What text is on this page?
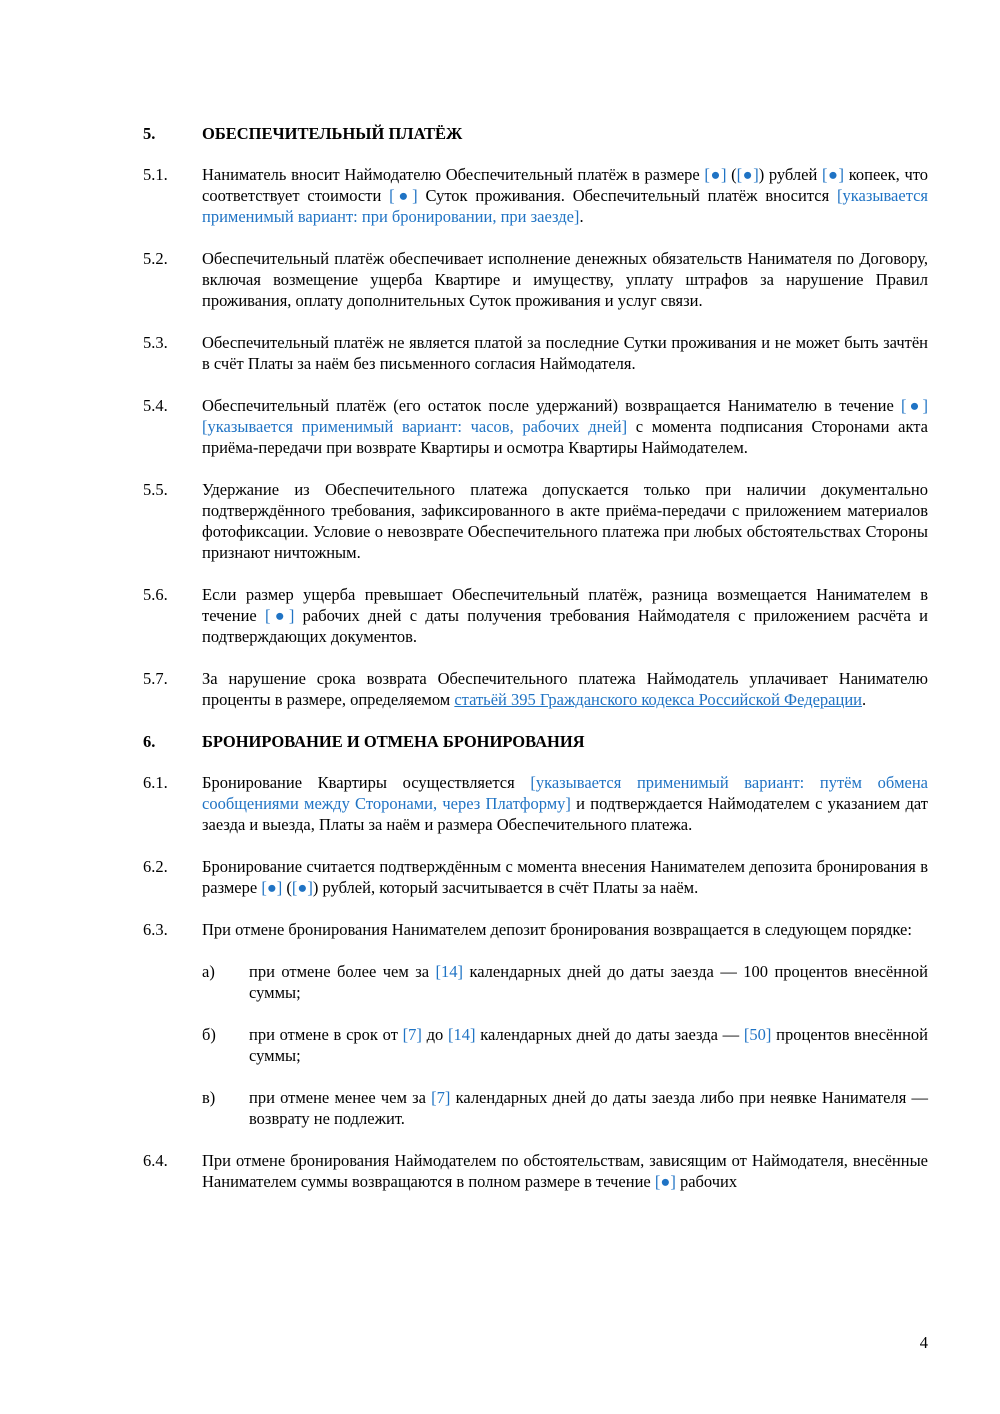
5.	ОБЕСПЕЧИТЕЛЬНЫЙ ПЛАТЁЖ
5.1.	Наниматель вносит Наймодателю Обеспечительный платёж в размере [●] ([●]) рублей [●] копеек, что соответствует стоимости [●] Суток проживания. Обеспечительный платёж вносится [указывается применимый вариант: при бронировании, при заезде].
5.2.	Обеспечительный платёж обеспечивает исполнение денежных обязательств Нанимателя по Договору, включая возмещение ущерба Квартире и имуществу, уплату штрафов за нарушение Правил проживания, оплату дополнительных Суток проживания и услуг связи.
5.3.	Обеспечительный платёж не является платой за последние Сутки проживания и не может быть зачтён в счёт Платы за наём без письменного согласия Наймодателя.
5.4.	Обеспечительный платёж (его остаток после удержаний) возвращается Нанимателю в течение [●] [указывается применимый вариант: часов, рабочих дней] с момента подписания Сторонами акта приёма-передачи при возврате Квартиры и осмотра Квартиры Наймодателем.
5.5.	Удержание из Обеспечительного платежа допускается только при наличии документально подтверждённого требования, зафиксированного в акте приёма-передачи с приложением материалов фотофиксации. Условие о невозврате Обеспечительного платежа при любых обстоятельствах Стороны признают ничтожным.
5.6.	Если размер ущерба превышает Обеспечительный платёж, разница возмещается Нанимателем в течение [●] рабочих дней с даты получения требования Наймодателя с приложением расчёта и подтверждающих документов.
5.7.	За нарушение срока возврата Обеспечительного платежа Наймодатель уплачивает Нанимателю проценты в размере, определяемом статьёй 395 Гражданского кодекса Российской Федерации.
6.	БРОНИРОВАНИЕ И ОТМЕНА БРОНИРОВАНИЯ
6.1.	Бронирование Квартиры осуществляется [указывается применимый вариант: путём обмена сообщениями между Сторонами, через Платформу] и подтверждается Наймодателем с указанием дат заезда и выезда, Платы за наём и размера Обеспечительного платежа.
6.2.	Бронирование считается подтверждённым с момента внесения Нанимателем депозита бронирования в размере [●] ([●]) рублей, который засчитывается в счёт Платы за наём.
6.3.	При отмене бронирования Нанимателем депозит бронирования возвращается в следующем порядке:
а)	при отмене более чем за [14] календарных дней до даты заезда — 100 процентов внесённой суммы;
б)	при отмене в срок от [7] до [14] календарных дней до даты заезда — [50] процентов внесённой суммы;
в)	при отмене менее чем за [7] календарных дней до даты заезда либо при неявке Нанимателя — возврату не подлежит.
6.4.	При отмене бронирования Наймодателем по обстоятельствам, зависящим от Наймодателя, внесённые Нанимателем суммы возвращаются в полном размере в течение [●] рабочих
4
